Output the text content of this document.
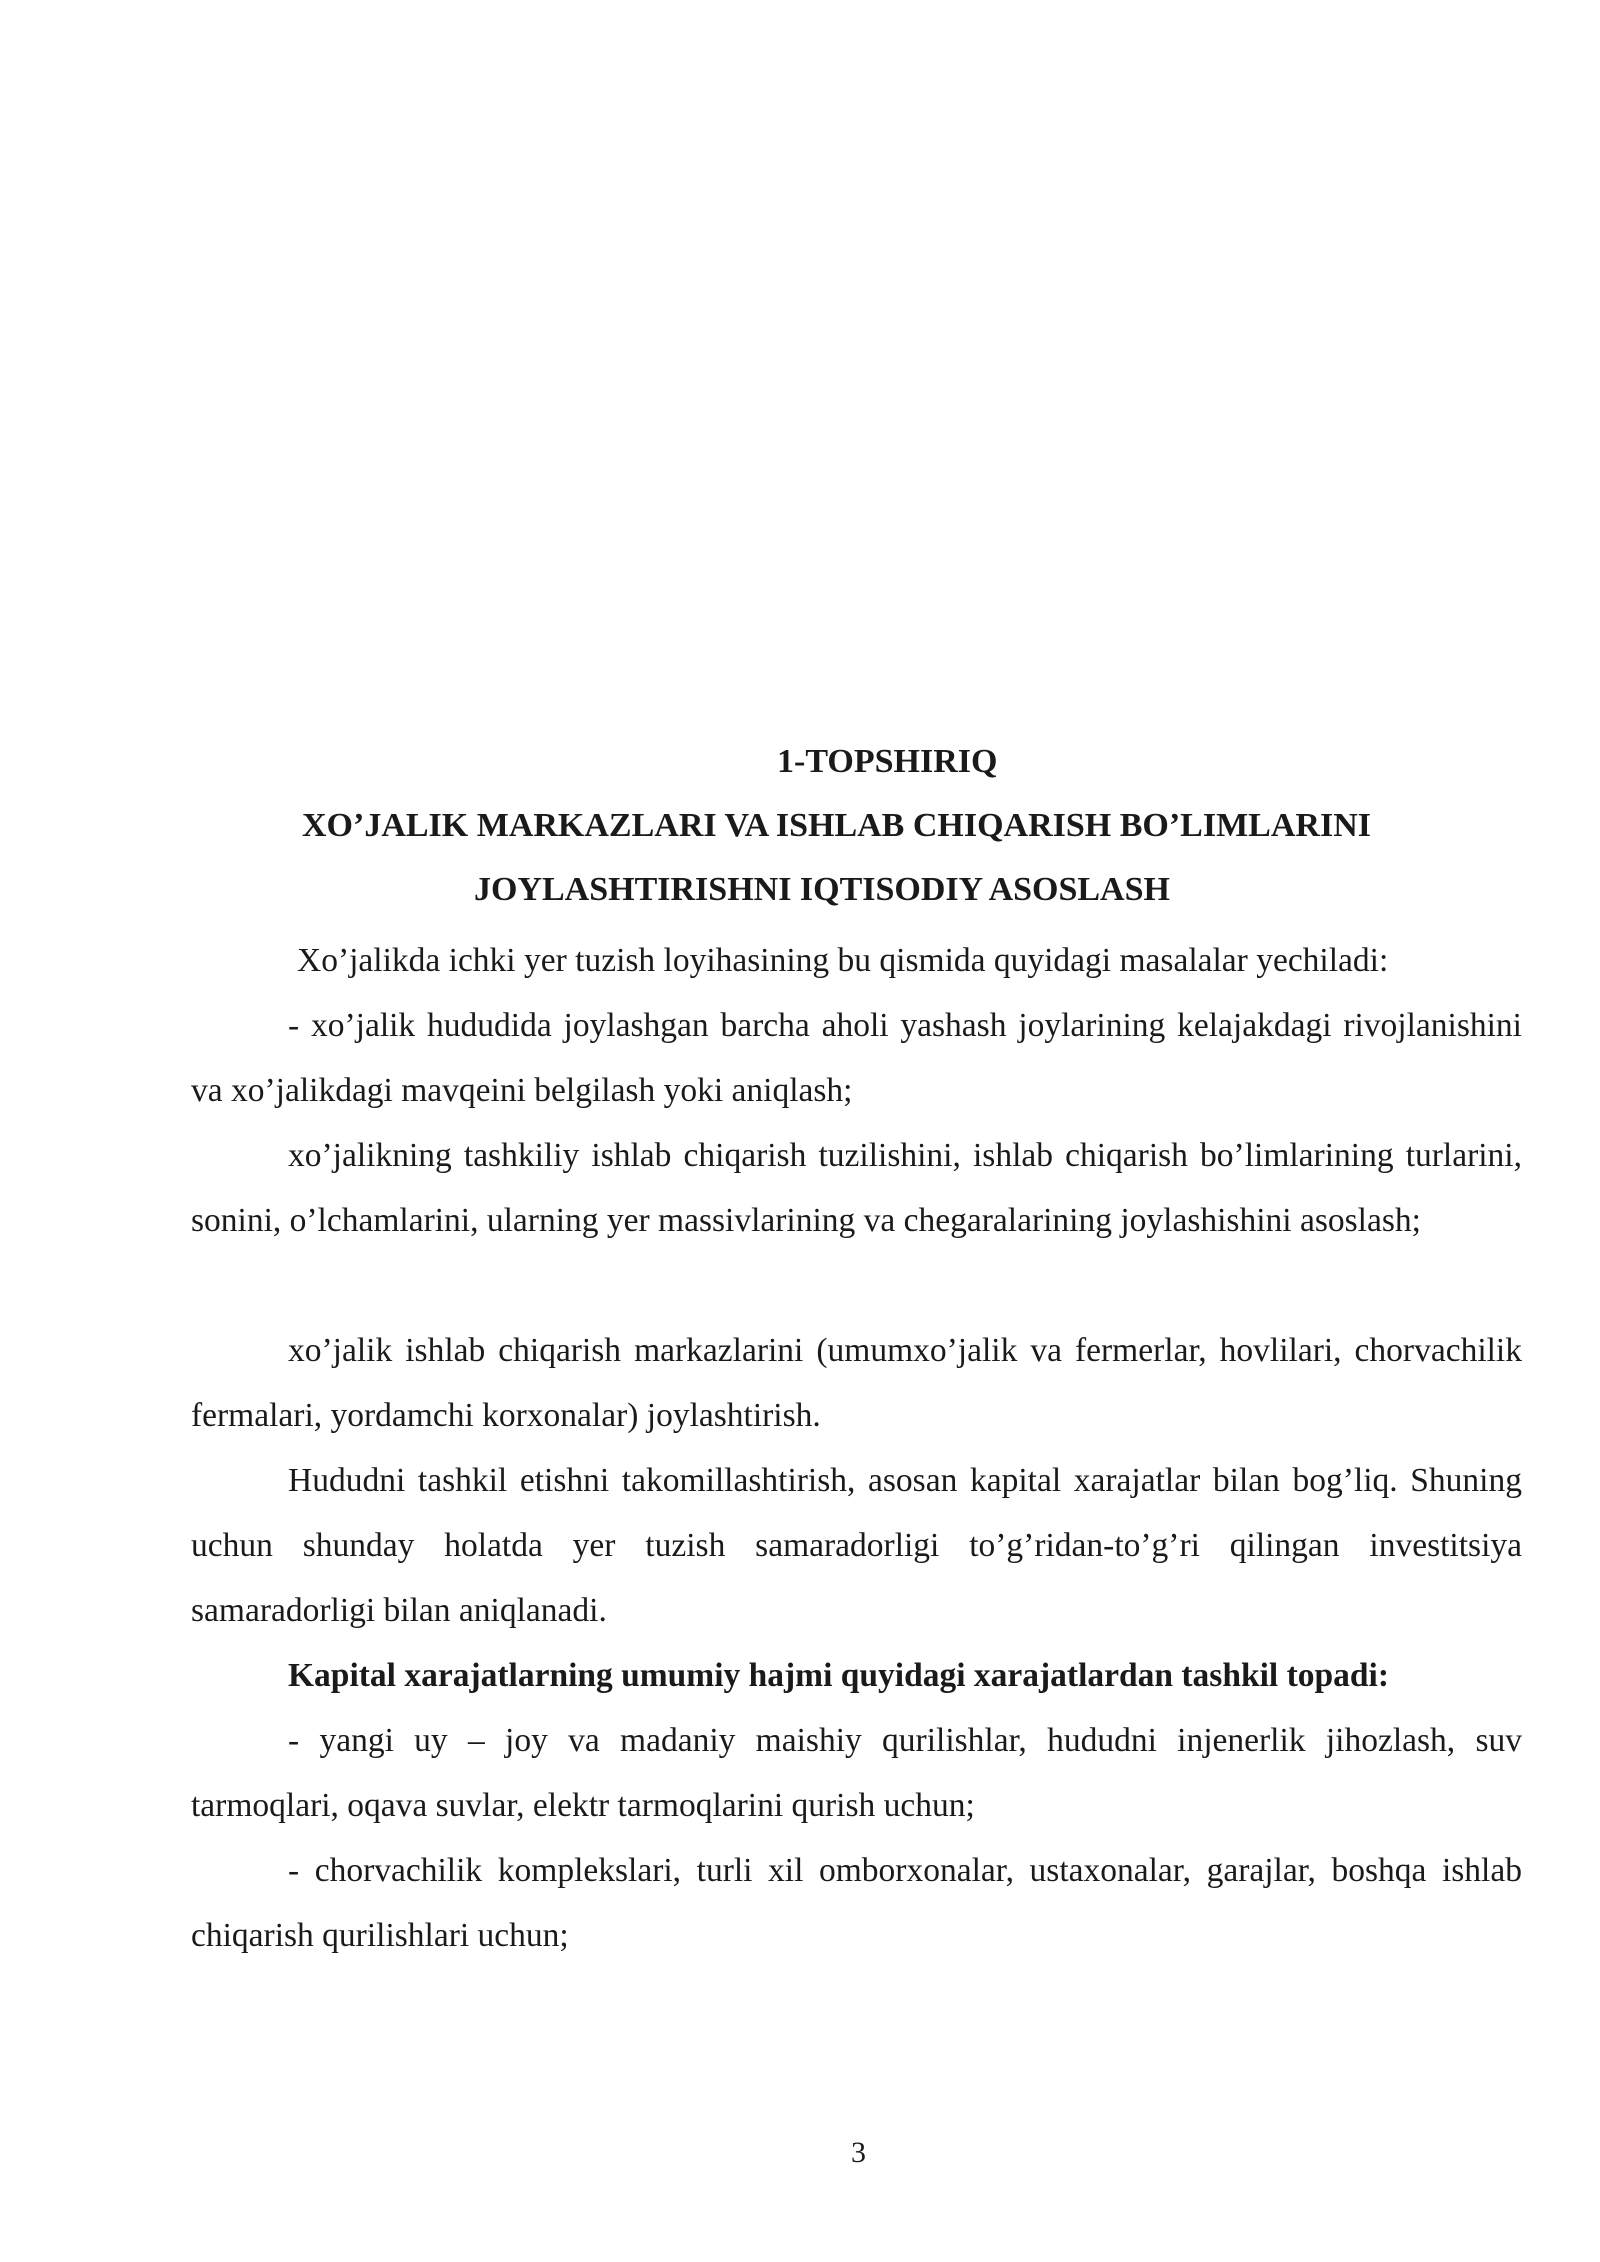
1-TOPSHIRIQ
XO’JALIK MARKAZLARI VA ISHLAB CHIQARISH BO’LIMLARINI
JOYLASHTIRISHNI IQTISODIY ASOSLASH

Xo’jalikda ichki yer tuzish loyihasining bu qismida quyidagi masalalar yechiladi:

- xo’jalik hududida joylashgan barcha aholi yashash joylarining kelajakdagi rivojlanishini va xo’jalikdagi mavqeini belgilash yoki aniqlash;

xo’jalikning tashkiliy ishlab chiqarish tuzilishini, ishlab chiqarish bo’limlarining turlarini, sonini, o’lchamlarini, ularning yer massivlarining va chegaralarining joylashishini asoslash;

xo’jalik ishlab chiqarish markazlarini (umumxo’jalik va fermerlar, hovlilari, chorvachilik fermalari, yordamchi korxonalar) joylashtirish.

Hududni tashkil etishni takomillashtirish, asosan kapital xarajatlar bilan bog’liq. Shuning uchun shunday holatda yer tuzish samaradorligi to’g’ridan-to’g’ri qilingan investitsiya samaradorligi bilan aniqlanadi.

Kapital xarajatlarning umumiy hajmi quyidagi xarajatlardan tashkil topadi:

- yangi uy – joy va madaniy maishiy qurilishlar, hududni injenerlik jihozlash, suv tarmoqlari, oqava suvlar, elektr tarmoqlarini qurish uchun;

- chorvachilik komplekslari, turli xil omborxonalar, ustaxonalar, garajlar, boshqa ishlab chiqarish qurilishlari uchun;

3
